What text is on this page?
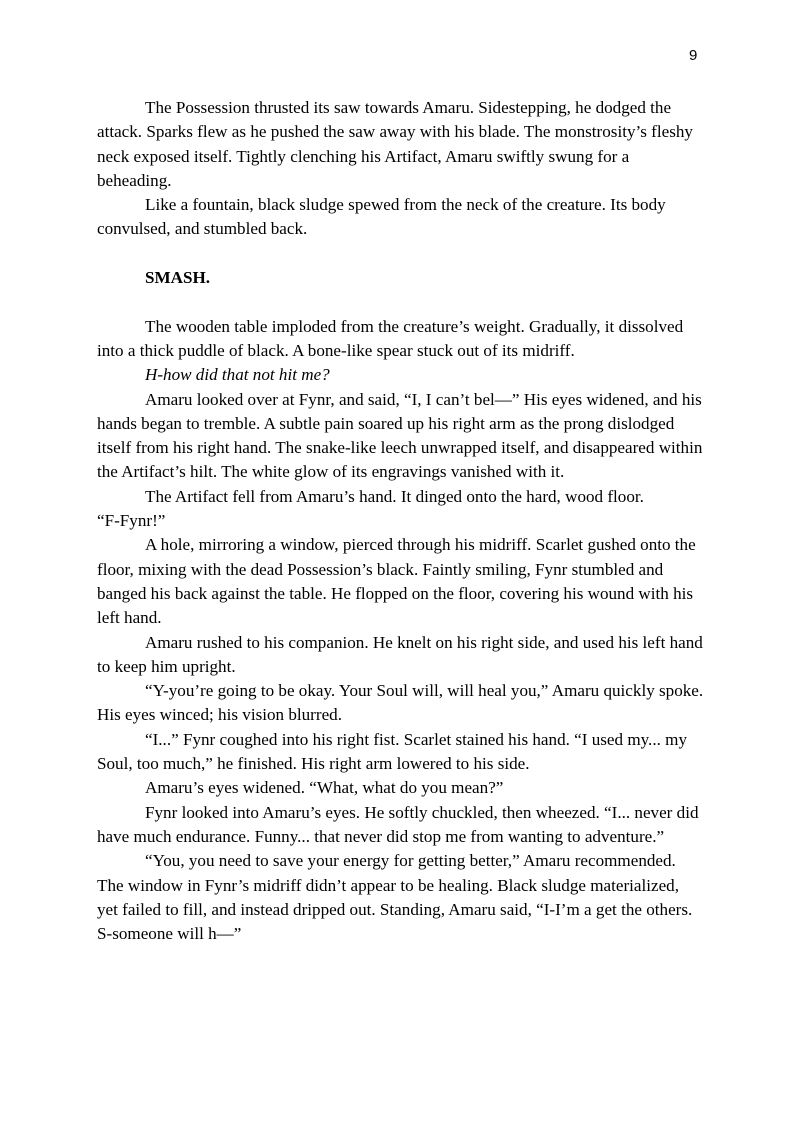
9

The Possession thrusted its saw towards Amaru. Sidestepping, he dodged the attack. Sparks flew as he pushed the saw away with his blade. The monstrosity’s fleshy neck exposed itself. Tightly clenching his Artifact, Amaru swiftly swung for a beheading.

Like a fountain, black sludge spewed from the neck of the creature. Its body convulsed, and stumbled back.

SMASH.

The wooden table imploded from the creature’s weight. Gradually, it dissolved into a thick puddle of black. A bone-like spear stuck out of its midriff.

H-how did that not hit me?

Amaru looked over at Fynr, and said, “I, I can’t bel—” His eyes widened, and his hands began to tremble. A subtle pain soared up his right arm as the prong dislodged itself from his right hand. The snake-like leech unwrapped itself, and disappeared within the Artifact’s hilt. The white glow of its engravings vanished with it.

The Artifact fell from Amaru’s hand. It dinged onto the hard, wood floor.

“F-Fynr!”

A hole, mirroring a window, pierced through his midriff. Scarlet gushed onto the floor, mixing with the dead Possession’s black. Faintly smiling, Fynr stumbled and banged his back against the table. He flopped on the floor, covering his wound with his left hand.

Amaru rushed to his companion. He knelt on his right side, and used his left hand to keep him upright.

“Y-you’re going to be okay. Your Soul will, will heal you,” Amaru quickly spoke. His eyes winced; his vision blurred.

“I...” Fynr coughed into his right fist. Scarlet stained his hand. “I used my... my Soul, too much,” he finished. His right arm lowered to his side.

Amaru’s eyes widened. “What, what do you mean?”

Fynr looked into Amaru’s eyes. He softly chuckled, then wheezed. “I... never did have much endurance. Funny... that never did stop me from wanting to adventure.”

“You, you need to save your energy for getting better,” Amaru recommended. The window in Fynr’s midriff didn’t appear to be healing. Black sludge materialized, yet failed to fill, and instead dripped out. Standing, Amaru said, “I-I’m a get the others. S-someone will h—”
